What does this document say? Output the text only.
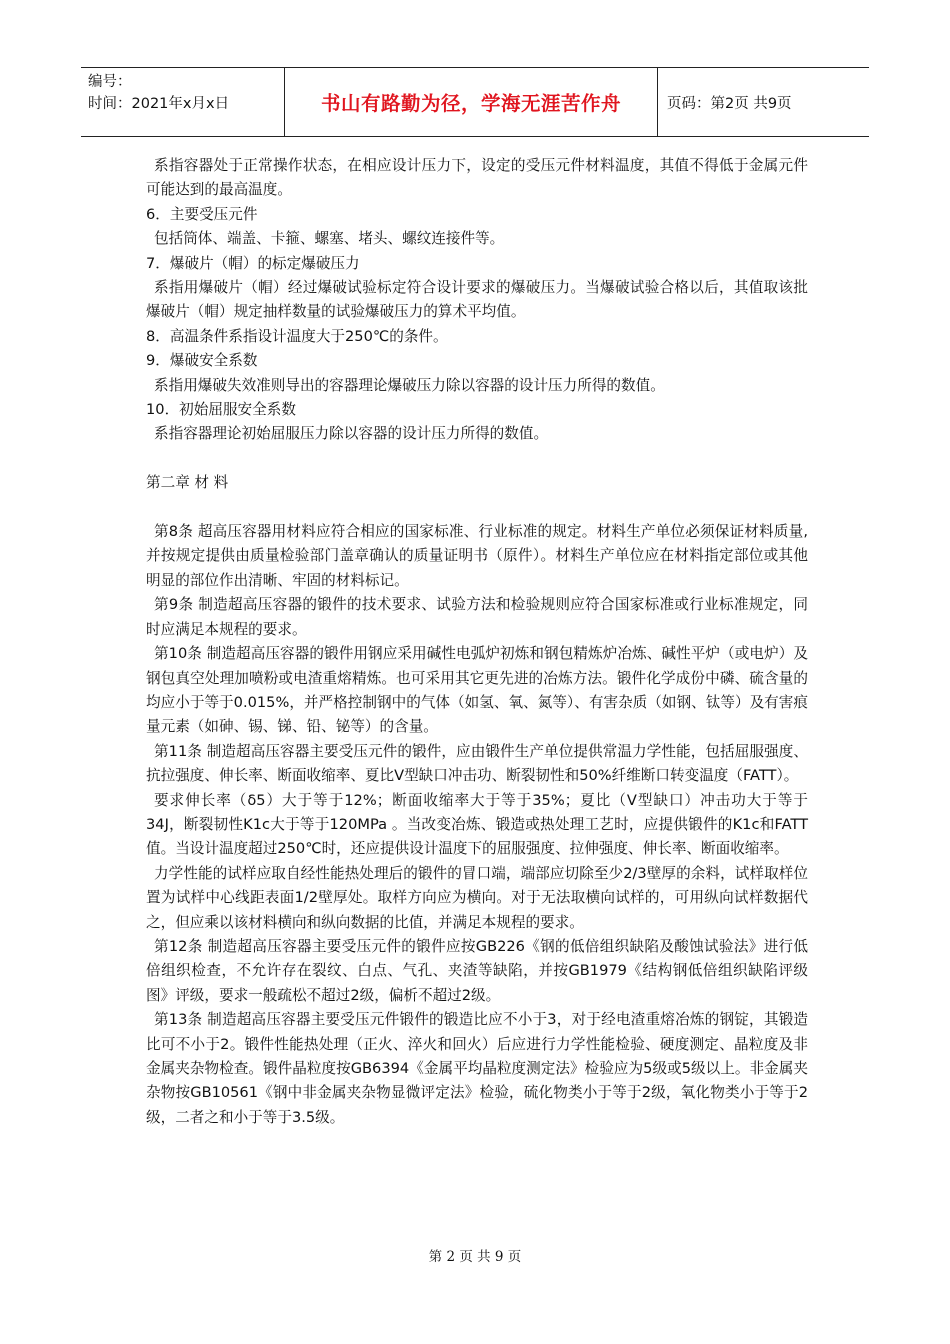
编号：
时间：2021年x月x日	书山有路勤为径，学海无涯苦作舟	页码：第2页 共9页

系指容器处于正常操作状态，在相应设计压力下，设定的受压元件材料温度，其值不得低于金属元件可能达到的最高温度。

6．主要受压元件

包括筒体、端盖、卡箍、螺塞、堵头、螺纹连接件等。

7．爆破片（帽）的标定爆破压力

系指用爆破片（帽）经过爆破试验标定符合设计要求的爆破压力。当爆破试验合格以后，其值取该批爆破片（帽）规定抽样数量的试验爆破压力的算术平均值。

8．高温条件系指设计温度大于250℃的条件。

9．爆破安全系数

系指用爆破失效准则导出的容器理论爆破压力除以容器的设计压力所得的数值。

10．初始屈服安全系数

系指容器理论初始屈服压力除以容器的设计压力所得的数值。

第二章 材 料

第8条 超高压容器用材料应符合相应的国家标准、行业标准的规定。材料生产单位必须保证材料质量,并按规定提供由质量检验部门盖章确认的质量证明书（原件）。材料生产单位应在材料指定部位或其他明显的部位作出清晰、牢固的材料标记。

第9条 制造超高压容器的锻件的技术要求、试验方法和检验规则应符合国家标准或行业标准规定，同时应满足本规程的要求。

第10条 制造超高压容器的锻件用钢应采用碱性电弧炉初炼和钢包精炼炉冶炼、碱性平炉（或电炉）及钢包真空处理加喷粉或电渣重熔精炼。也可采用其它更先进的冶炼方法。锻件化学成份中磷、硫含量的均应小于等于0.015%，并严格控制钢中的气体（如氢、氧、氮等）、有害杂质（如钢、钛等）及有害痕量元素（如砷、锡、锑、铅、铋等）的含量。

第11条 制造超高压容器主要受压元件的锻件，应由锻件生产单位提供常温力学性能，包括屈服强度、抗拉强度、伸长率、断面收缩率、夏比V型缺口冲击功、断裂韧性和50%纤维断口转变温度（FATT）。

要求伸长率（δ5）大于等于12%；断面收缩率大于等于35%；夏比（V型缺口）冲击功大于等于34J，断裂韧性K1c大于等于120MPa 。当改变冶炼、锻造或热处理工艺时，应提供锻件的K1c和FATT值。当设计温度超过250℃时，还应提供设计温度下的屈服强度、拉伸强度、伸长率、断面收缩率。

力学性能的试样应取自经性能热处理后的锻件的冒口端，端部应切除至少2/3壁厚的余料，试样取样位置为试样中心线距表面1/2壁厚处。取样方向应为横向。对于无法取横向试样的，可用纵向试样数据代之，但应乘以该材料横向和纵向数据的比值，并满足本规程的要求。

第12条 制造超高压容器主要受压元件的锻件应按GB226《钢的低倍组织缺陷及酸蚀试验法》进行低倍组织检查，不允许存在裂纹、白点、气孔、夹渣等缺陷，并按GB1979《结构钢低倍组织缺陷评级图》评级，要求一般疏松不超过2级，偏析不超过2级。

第13条 制造超高压容器主要受压元件锻件的锻造比应不小于3，对于经电渣重熔冶炼的钢锭，其锻造比可不小于2。锻件性能热处理（正火、淬火和回火）后应进行力学性能检验、硬度测定、晶粒度及非金属夹杂物检查。锻件晶粒度按GB6394《金属平均晶粒度测定法》检验应为5级或5级以上。非金属夹杂物按GB10561《钢中非金属夹杂物显微评定法》检验，硫化物类小于等于2级，氧化物类小于等于2级，二者之和小于等于3.5级。

第 2 页 共 9 页
